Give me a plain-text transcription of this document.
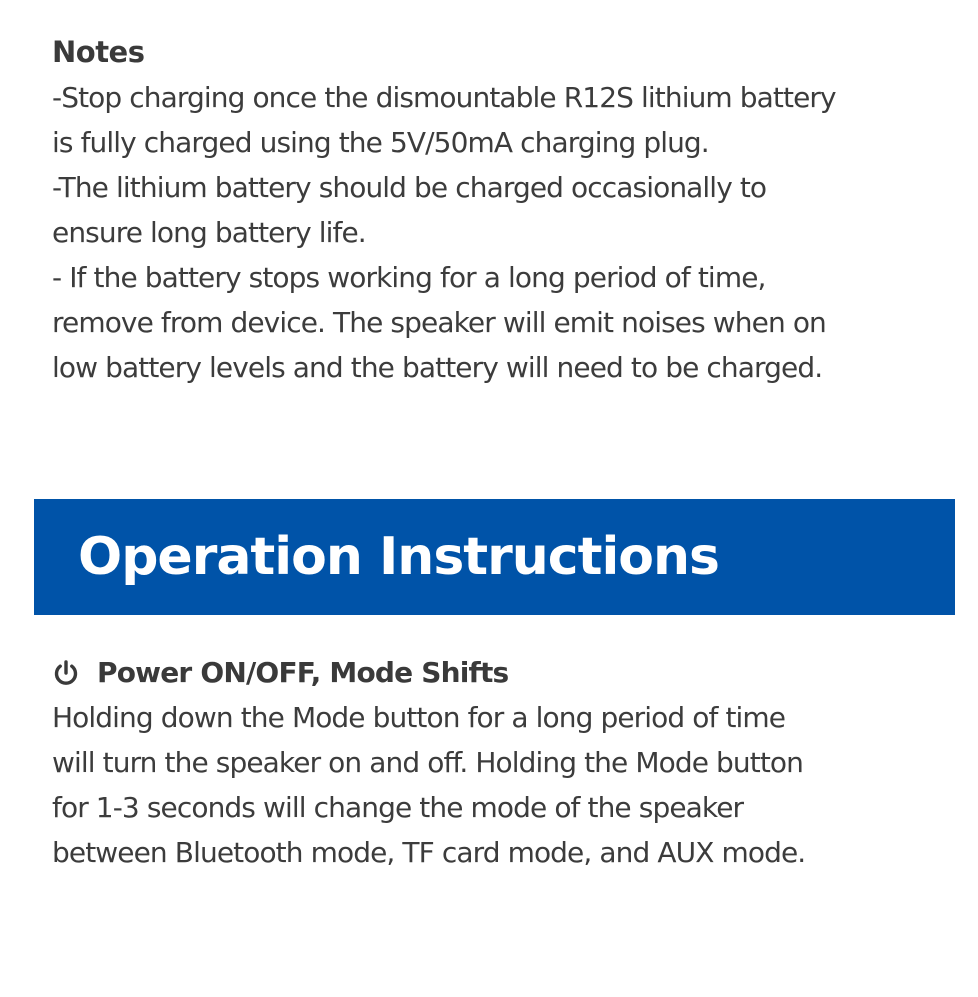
Notes
-Stop charging once the dismountable R12S lithium battery
is fully charged using the 5V/50mA charging plug.
-The lithium battery should be charged occasionally to
ensure long battery life.
- If the battery stops working for a long period of time,
remove from device. The speaker will emit noises when on
low battery levels and the battery will need to be charged.
Operation Instructions
Power ON/OFF, Mode Shifts
Holding down the Mode button for a long period of time
will turn the speaker on and off. Holding the Mode button
for 1-3 seconds will change the mode of the speaker
between Bluetooth mode, TF card mode, and AUX mode.
